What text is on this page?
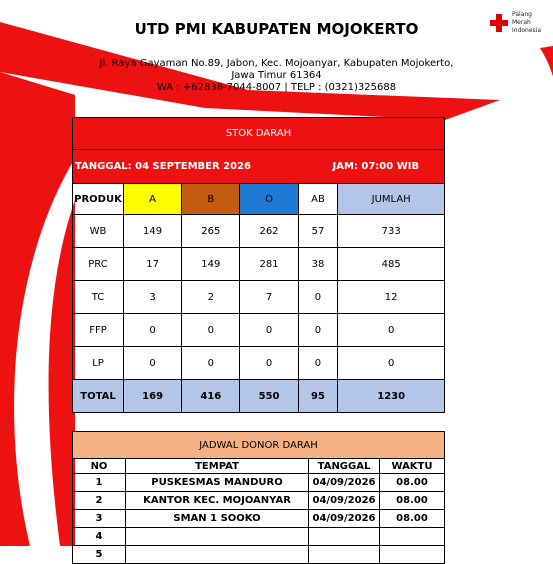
UTD PMI KABUPATEN MOJOKERTO
Jl. Raya Gayaman No.89, Jabon, Kec. Mojoanyar, Kabupaten Mojokerto,
Jawa Timur 61364
WA : +62838-7044-8007 | TELP : (0321)325688
Palang
Merah
Indonesia
STOK DARAH					
TANGGAL: 04 SEPTEMBER 2026 JAM: 07:00 WIB					
PRODUK	A	B	O	AB	JUMLAH
WB	149	265	262	57	733
PRC	17	149	281	38	485
TC	3	2	7	0	12
FFP	0	0	0	0	0
LP	0	0	0	0	0
TOTAL	169	416	550	95	1230
JADWAL DONOR DARAH			
NO	TEMPAT	TANGGAL	WAKTU
1	PUSKESMAS MANDURO	04/09/2026	08.00
2	KANTOR KEC. MOJOANYAR	04/09/2026	08.00
3	SMAN 1 SOOKO	04/09/2026	08.00
4			
5			
